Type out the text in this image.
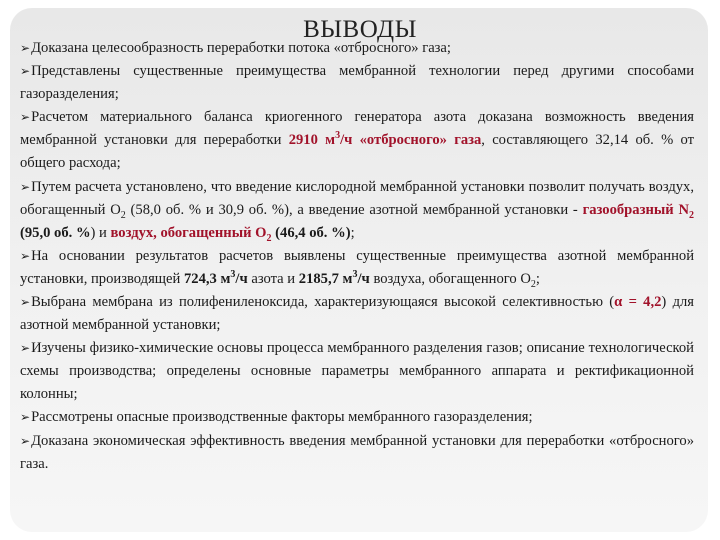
ВЫВОДЫ
➢Доказана целесообразность переработки потока «отбросного» газа;
➢Представлены существенные преимущества мембранной технологии перед другими способами газоразделения;
➢Расчетом материального баланса криогенного генератора азота доказана возможность введения мембранной установки для переработки 2910 $м^3/ч$ «отбросного» газа, составляющего 32,14 об. % от общего расхода;
➢Путем расчета установлено, что введение кислородной мембранной установки позволит получать воздух, обогащенный $О_2$ (58,0 об. % и 30,9 об. %), а введение азотной мембранной установки - газообразный $N_2$ (95,0 об. %) и воздух, обогащенный $О_2$ (46,4 об. %);
➢На основании результатов расчетов выявлены существенные преимущества азотной мембранной установки, производящей 724,3 $м^3/ч$ азота и 2185,7 $м^3/ч$ воздуха, обогащенного $О_2$;
➢Выбрана мембрана из полифениленоксида, характеризующаяся высокой селективностью (α = 4,2) для азотной мембранной установки;
➢Изучены физико-химические основы процесса мембранного разделения газов; описание технологической схемы производства; определены основные параметры мембранного аппарата и ректификационной колонны;
➢Рассмотрены опасные производственные факторы мембранного газоразделения;
➢Доказана экономическая эффективность введения мембранной установки для переработки «отбросного» газа.
